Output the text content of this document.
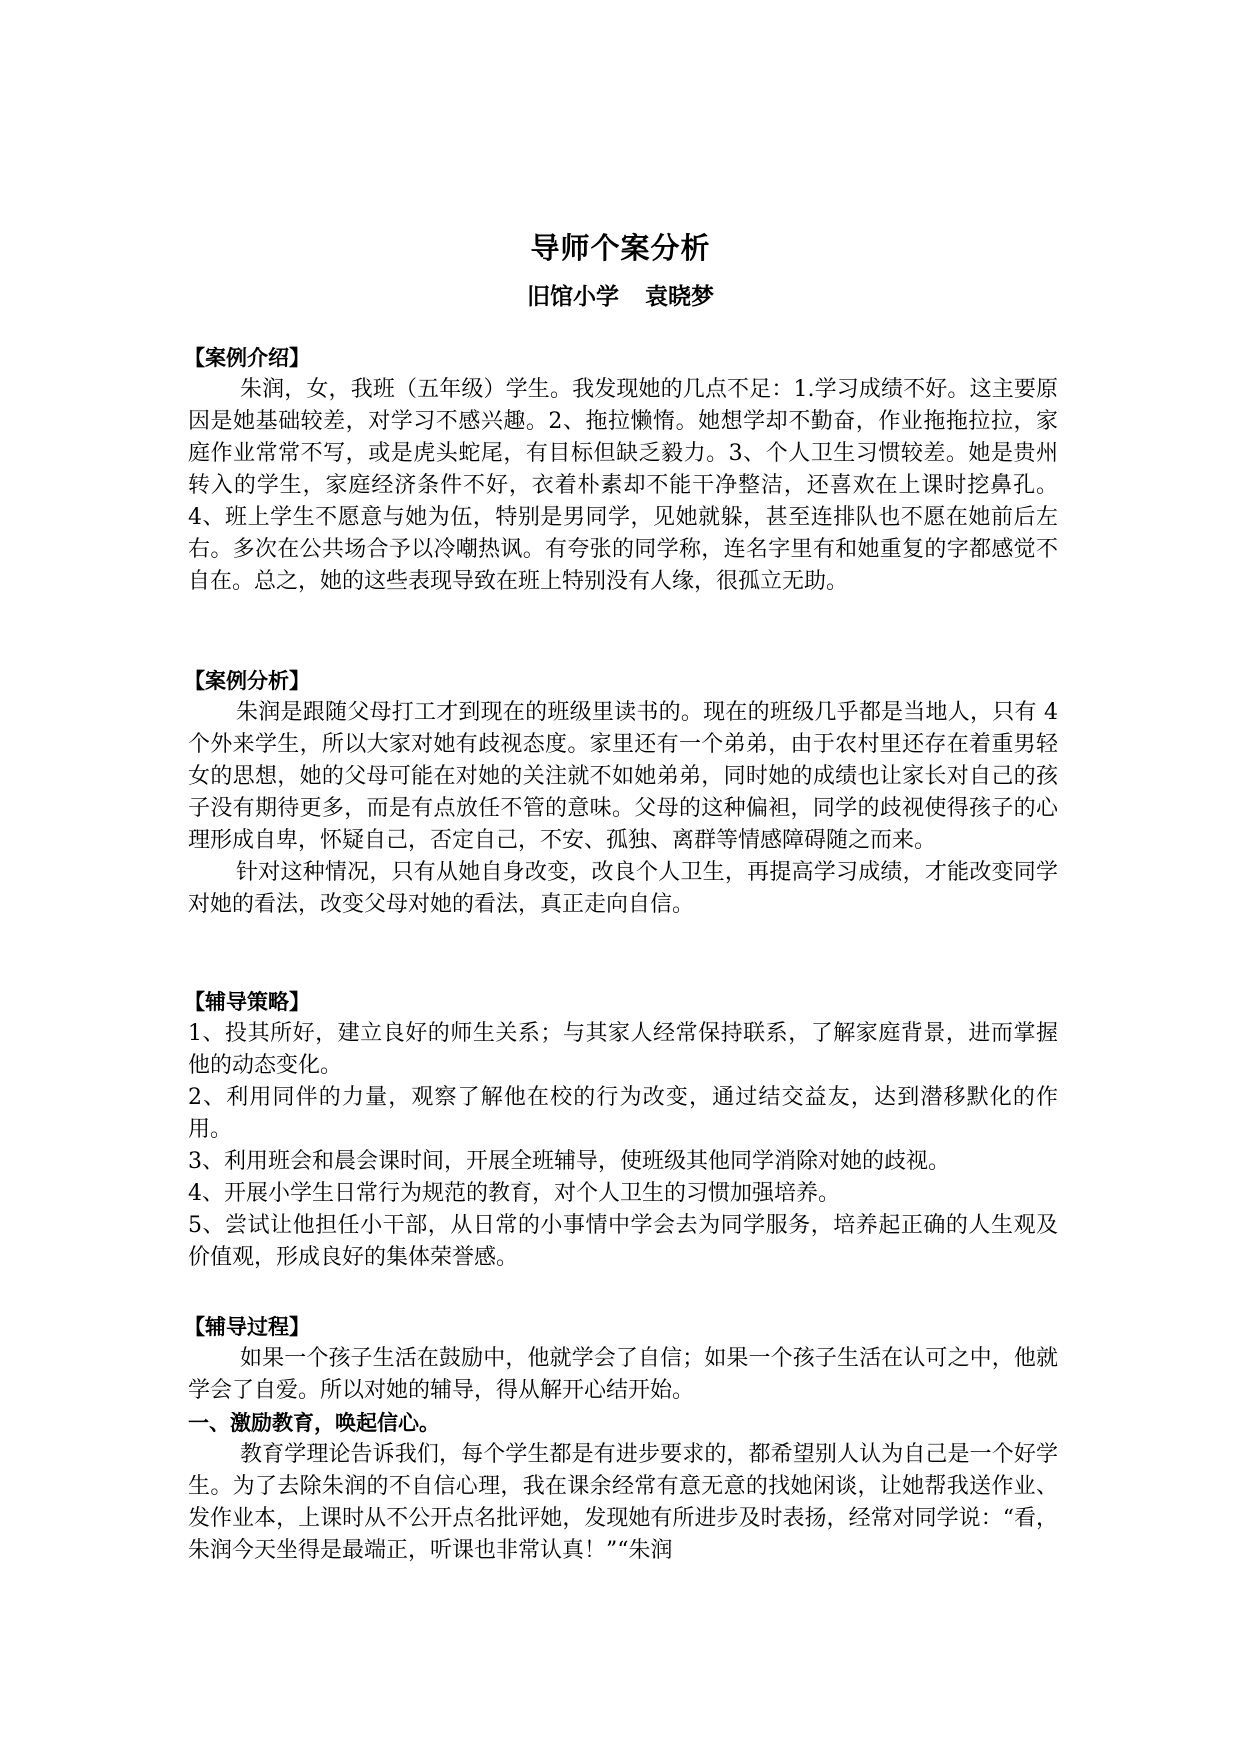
导师个案分析
旧馆小学 袁晓梦
【案例介绍】

朱润，女，我班（五年级）学生。我发现她的几点不足：1.学习成绩不好。这主要原因是她基础较差，对学习不感兴趣。2、拖拉懒惰。她想学却不勤奋，作业拖拖拉拉，家庭作业常常不写，或是虎头蛇尾，有目标但缺乏毅力。3、个人卫生习惯较差。她是贵州转入的学生，家庭经济条件不好，衣着朴素却不能干净整洁，还喜欢在上课时挖鼻孔。4、班上学生不愿意与她为伍，特别是男同学，见她就躲，甚至连排队也不愿在她前后左右。多次在公共场合予以冷嘲热讽。有夸张的同学称，连名字里有和她重复的字都感觉不自在。总之，她的这些表现导致在班上特别没有人缘，很孤立无助。

【案例分析】

朱润是跟随父母打工才到现在的班级里读书的。现在的班级几乎都是当地人，只有 4 个外来学生，所以大家对她有歧视态度。家里还有一个弟弟，由于农村里还存在着重男轻女的思想，她的父母可能在对她的关注就不如她弟弟，同时她的成绩也让家长对自己的孩子没有期待更多，而是有点放任不管的意味。父母的这种偏袒，同学的歧视使得孩子的心理形成自卑，怀疑自己，否定自己，不安、孤独、离群等情感障碍随之而来。

针对这种情况，只有从她自身改变，改良个人卫生，再提高学习成绩，才能改变同学对她的看法，改变父母对她的看法，真正走向自信。

【辅导策略】

1、投其所好，建立良好的师生关系；与其家人经常保持联系，了解家庭背景，进而掌握他的动态变化。

2、利用同伴的力量，观察了解他在校的行为改变，通过结交益友，达到潜移默化的作用。

3、利用班会和晨会课时间，开展全班辅导，使班级其他同学消除对她的歧视。

4、开展小学生日常行为规范的教育，对个人卫生的习惯加强培养。

5、尝试让他担任小干部，从日常的小事情中学会去为同学服务，培养起正确的人生观及价值观，形成良好的集体荣誉感。

【辅导过程】

如果一个孩子生活在鼓励中，他就学会了自信；如果一个孩子生活在认可之中，他就学会了自爱。所以对她的辅导，得从解开心结开始。

一、激励教育，唤起信心。

教育学理论告诉我们，每个学生都是有进步要求的，都希望别人认为自己是一个好学生。为了去除朱润的不自信心理，我在课余经常有意无意的找她闲谈，让她帮我送作业、发作业本，上课时从不公开点名批评她，发现她有所进步及时表扬，经常对同学说：“看，朱润今天坐得是最端正，听课也非常认真！”“朱润
